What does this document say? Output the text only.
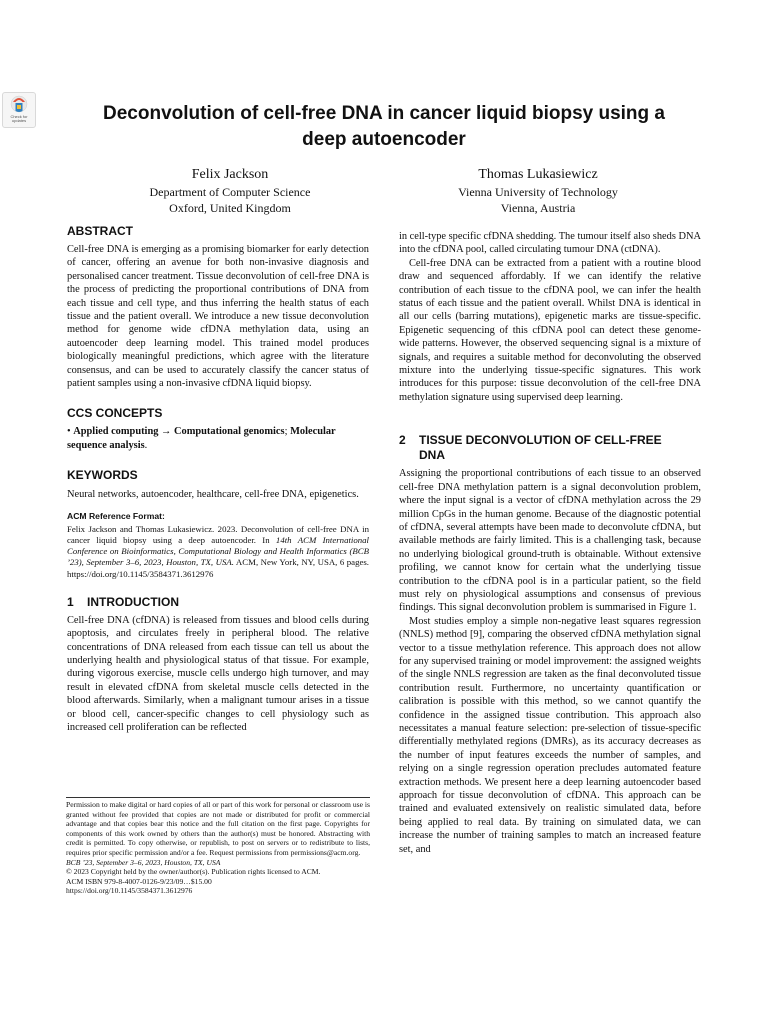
Check for
updates	Deconvolution of cell-free DNA in cancer liquid biopsy using a
deep autoencoder
Felix Jackson
Department of Computer Science
Oxford, United Kingdom
Thomas Lukasiewicz
Vienna University of Technology
Vienna, Austria
ABSTRACT

Cell-free DNA is emerging as a promising biomarker for early detection of cancer, offering an avenue for both non-invasive diagnosis and personalised cancer treatment. Tissue deconvolution of cell-free DNA is the process of predicting the proportional contributions of DNA from each tissue and cell type, and thus inferring the health status of each tissue and the patient overall. We introduce a new tissue deconvolution method for genome wide cfDNA methylation data, using an autoencoder deep learning model. This trained model produces biologically meaningful predictions, which agree with the literature consensus, and can be used to accurately classify the cancer status of patient samples using a non-invasive cfDNA liquid biopsy.

CCS CONCEPTS

• Applied computing → Computational genomics; Molecular sequence analysis.

KEYWORDS

Neural networks, autoencoder, healthcare, cell-free DNA, epigenetics.

ACM Reference Format:

Felix Jackson and Thomas Lukasiewicz. 2023. Deconvolution of cell-free DNA in cancer liquid biopsy using a deep autoencoder. In 14th ACM International Conference on Bioinformatics, Computational Biology and Health Informatics (BCB ’23), September 3–6, 2023, Houston, TX, USA. ACM, New York, NY, USA, 6 pages. https://doi.org/10.1145/3584371.3612976

1 INTRODUCTION

Cell-free DNA (cfDNA) is released from tissues and blood cells during apoptosis, and circulates freely in peripheral blood. The relative concentrations of DNA released from each tissue can tell us about the underlying health and physiological status of that tissue. For example, during vigorous exercise, muscle cells undergo high turnover, and may result in elevated cfDNA from skeletal muscle cells detected in the blood afterwards. Similarly, when a malignant tumour arises in a tissue or blood cell, cancer-specific changes to cell physiology such as increased cell proliferation can be reflected

Permission to make digital or hard copies of all or part of this work for personal or classroom use is granted without fee provided that copies are not made or distributed for profit or commercial advantage and that copies bear this notice and the full citation on the first page. Copyrights for components of this work owned by others than the author(s) must be honored. Abstracting with credit is permitted. To copy otherwise, or republish, to post on servers or to redistribute to lists, requires prior specific permission and/or a fee. Request permissions from permissions@acm.org.

BCB ’23, September 3–6, 2023, Houston, TX, USA

© 2023 Copyright held by the owner/author(s). Publication rights licensed to ACM.

ACM ISBN 979-8-4007-0126-9/23/09…$15.00

https://doi.org/10.1145/3584371.3612976

in cell-type specific cfDNA shedding. The tumour itself also sheds DNA into the cfDNA pool, called circulating tumour DNA (ctDNA).

Cell-free DNA can be extracted from a patient with a routine blood draw and sequenced affordably. If we can identify the relative contribution of each tissue to the cfDNA pool, we can infer the health status of each tissue and the patient overall. Whilst DNA is identical in all our cells (barring mutations), epigenetic marks are tissue-specific. Epigenetic sequencing of this cfDNA pool can detect these genome-wide patterns. However, the observed sequencing signal is a mixture of signals, and requires a suitable method for deconvoluting the observed mixture into the underlying tissue-specific signatures. This work introduces for this purpose: tissue deconvolution of the cell-free DNA methylation signature using supervised deep learning.

2	TISSUE DECONVOLUTION OF CELL-FREE
DNA

Assigning the proportional contributions of each tissue to an observed cell-free DNA methylation pattern is a signal deconvolution problem, where the input signal is a vector of cfDNA methylation across the 29 million CpGs in the human genome. Because of the diagnostic potential of cfDNA, several attempts have been made to deconvolute cfDNA, but available methods are fairly limited. This is a challenging task, because no underlying biological ground-truth is obtainable. Without extensive profiling, we cannot know for certain what the underlying tissue contribution to the cfDNA pool is in a particular patient, so the field must rely on physiological assumptions and consensus of previous findings. This signal deconvolution problem is summarised in Figure 1.

Most studies employ a simple non-negative least squares regression (NNLS) method [9], comparing the observed cfDNA methylation signal vector to a tissue methylation reference. This approach does not allow for any supervised training or model improvement: the assigned weights of the single NNLS regression are taken as the final deconvoluted tissue contribution result. Furthermore, no uncertainty quantification or calibration is possible with this method, so we cannot quantify the confidence in the assigned tissue contribution. This approach also necessitates a manual feature selection: pre-selection of tissue-specific differentially methylated regions (DMRs), as its accuracy decreases as the number of input features exceeds the number of samples, and relying on a single regression operation precludes automated feature extraction methods. We present here a deep learning autoencoder based approach for tissue deconvolution of cfDNA. This approach can be trained and evaluated extensively on realistic simulated data, before being applied to real data. By training on simulated data, we can increase the number of training samples to match an increased feature set, and
